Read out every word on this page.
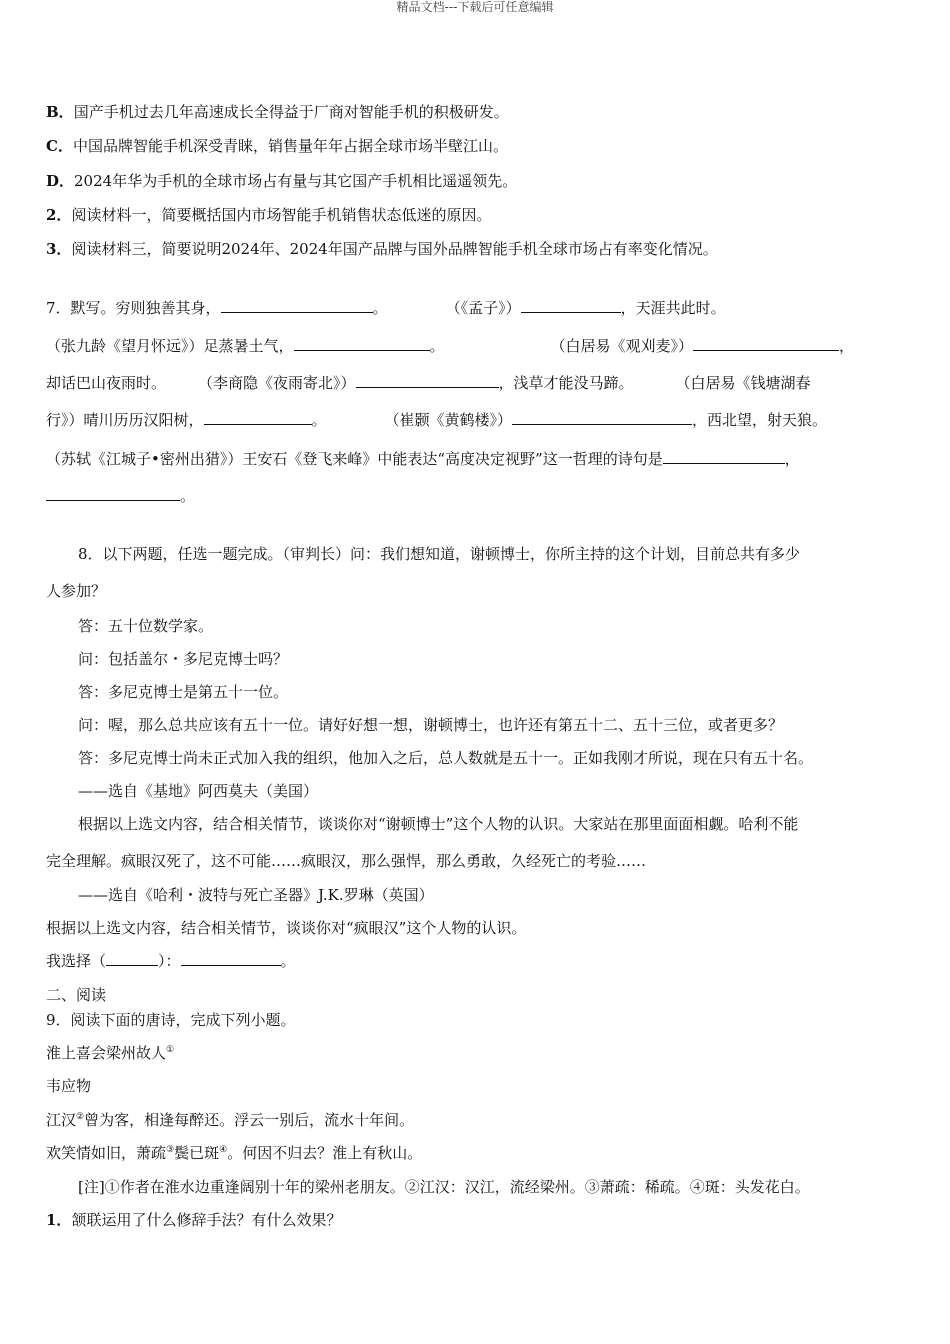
精品文档---下载后可任意编辑
B．国产手机过去几年高速成长全得益于厂商对智能手机的积极研发。
C．中国品牌智能手机深受青睐，销售量年年占据全球市场半壁江山。
D．2024年华为手机的全球市场占有量与其它国产手机相比遥遥领先。
2．阅读材料一，简要概括国内市场智能手机销售状态低迷的原因。
3．阅读材料三，简要说明2024年、2024年国产品牌与国外品牌智能手机全球市场占有率变化情况。
7．默写。穷则独善其身，	。	（《孟子》）	，天涯共此时。
（张九龄《望月怀远》）足蒸暑土气，	。	（白居易《观刈麦》）	，
却话巴山夜雨时。 （李商隐《夜雨寄北》）	，浅草才能没马蹄。	（白居易《钱塘湖春
行》）晴川历历汉阳树，	。	（崔颢《黄鹤楼》）	，西北望，射天狼。
（苏轼《江城子•密州出猎》）王安石《登飞来峰》中能表达“高度决定视野”这一哲理的诗句是	，
。
8．以下两题，任选一题完成。（审判长）问：我们想知道，谢顿博士，你所主持的这个计划，目前总共有多少
人参加？
答：五十位数学家。
问：包括盖尔・多尼克博士吗？
答：多尼克博士是第五十一位。
问：喔，那么总共应该有五十一位。请好好想一想，谢顿博士，也许还有第五十二、五十三位，或者更多？
答：多尼克博士尚未正式加入我的组织，他加入之后，总人数就是五十一。正如我刚才所说，现在只有五十名。
——选自《基地》阿西莫夫（美国）
根据以上选文内容，结合相关情节，谈谈你对“谢顿博士”这个人物的认识。大家站在那里面面相觑。哈利不能
完全理解。疯眼汉死了，这不可能……疯眼汉，那么强悍，那么勇敢，久经死亡的考验……
——选自《哈利・波特与死亡圣器》J.K.罗琳（英国）
根据以上选文内容，结合相关情节，谈谈你对“疯眼汉”这个人物的认识。
我选择（	）：	。
二、阅读
9．阅读下面的唐诗，完成下列小题。
淮上喜会梁州故人①
韦应物
江汉②曾为客，相逢每醉还。浮云一别后，流水十年间。
欢笑情如旧，萧疏③鬓已斑④。何因不归去？淮上有秋山。
[注]①作者在淮水边重逢阔别十年的梁州老朋友。②江汉：汉江，流经梁州。③萧疏：稀疏。④斑：头发花白。
1．颔联运用了什么修辞手法？有什么效果？
